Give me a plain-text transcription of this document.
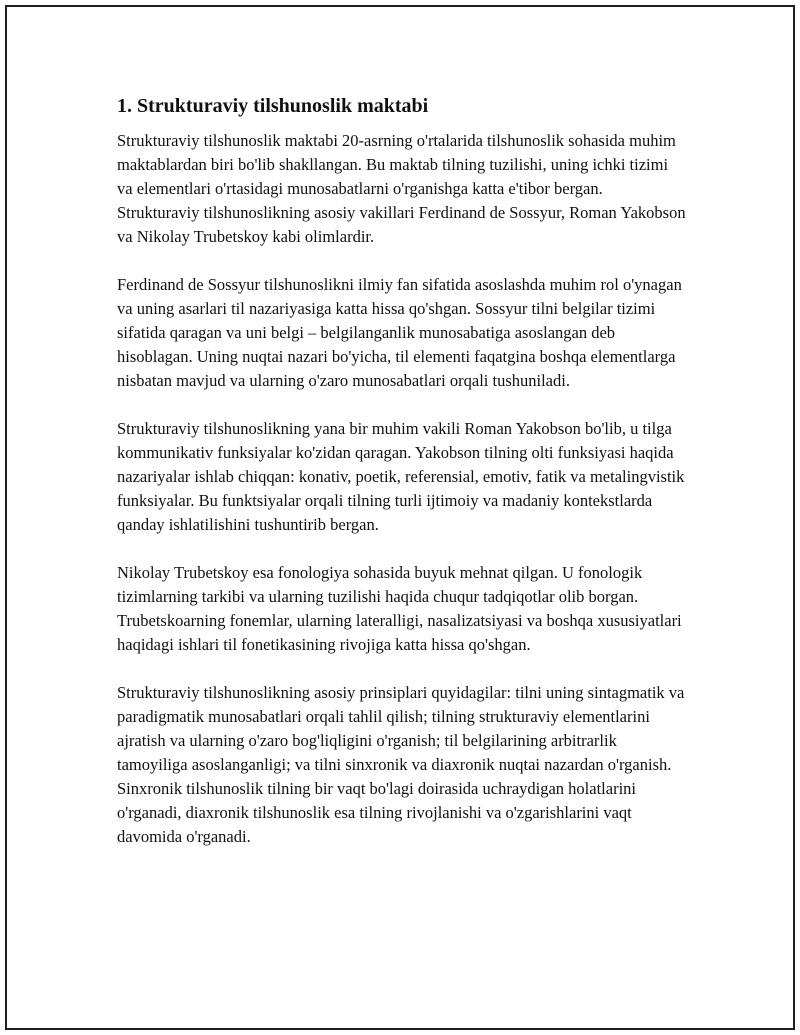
1. Strukturaviy tilshunoslik maktabi

Strukturaviy tilshunoslik maktabi 20-asrning o'rtalarida tilshunoslik sohasida muhim maktablardan biri bo'lib shakllangan. Bu maktab tilning tuzilishi, uning ichki tizimi va elementlari o'rtasidagi munosabatlarni o'rganishga katta e'tibor bergan. Strukturaviy tilshunoslikning asosiy vakillari Ferdinand de Sossyur, Roman Yakobson va Nikolay Trubetskoy kabi olimlardir.

Ferdinand de Sossyur tilshunoslikni ilmiy fan sifatida asoslashda muhim rol o'ynagan va uning asarlari til nazariyasiga katta hissa qo'shgan. Sossyur tilni belgilar tizimi sifatida qaragan va uni belgi – belgilanganlik munosabatiga asoslangan deb hisoblagan. Uning nuqtai nazari bo'yicha, til elementi faqatgina boshqa elementlarga nisbatan mavjud va ularning o'zaro munosabatlari orqali tushuniladi.

Strukturaviy tilshunoslikning yana bir muhim vakili Roman Yakobson bo'lib, u tilga kommunikativ funksiyalar ko'zidan qaragan. Yakobson tilning olti funksiyasi haqida nazariyalar ishlab chiqqan: konativ, poetik, referensial, emotiv, fatik va metalingvistik funksiyalar. Bu funktsiyalar orqali tilning turli ijtimoiy va madaniy kontekstlarda qanday ishlatilishini tushuntirib bergan.

Nikolay Trubetskoy esa fonologiya sohasida buyuk mehnat qilgan. U fonologik tizimlarning tarkibi va ularning tuzilishi haqida chuqur tadqiqotlar olib borgan. Trubetskoarning fonemlar, ularning lateralligi, nasalizatsiyasi va boshqa xususiyatlari haqidagi ishlari til fonetikasining rivojiga katta hissa qo'shgan.

Strukturaviy tilshunoslikning asosiy prinsiplari quyidagilar: tilni uning sintagmatik va paradigmatik munosabatlari orqali tahlil qilish; tilning strukturaviy elementlarini ajratish va ularning o'zaro bog'liqligini o'rganish; til belgilarining arbitrarlik tamoyiliga asoslanganligi; va tilni sinxronik va diaxronik nuqtai nazardan o'rganish. Sinxronik tilshunoslik tilning bir vaqt bo'lagi doirasida uchraydigan holatlarini o'rganadi, diaxronik tilshunoslik esa tilning rivojlanishi va o'zgarishlarini vaqt davomida o'rganadi.
